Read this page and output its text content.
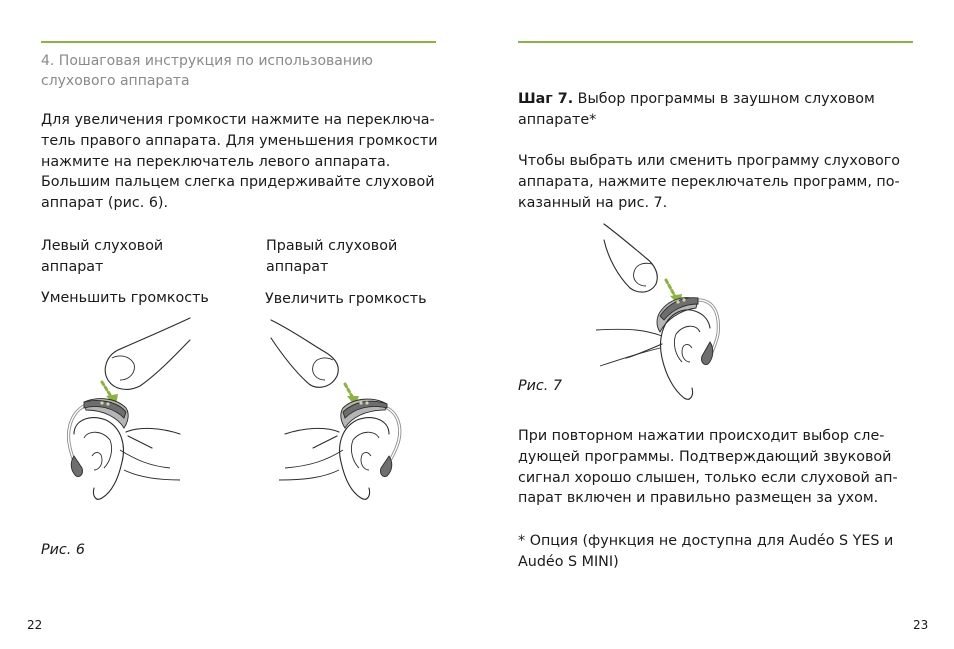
4. Пошаговая инструкция по использованию
слуховогo аппарата
Для увеличения громкости нажмите на переключа-
тель правого аппарата. Для уменьшения громкости
нажмите на переключатель левого аппарата.
Большим пальцем слегка придерживайте слуховой
аппарат (рис. 6).
Левый слуховой
аппарат
Правый слуховой
аппарат
Уменьшить громкость	Увеличить громкость
Рис. 6
22
Шаг 7. Выбор программы в заушном слуховом
аппарате*
Чтобы выбрать или сменить программу слухового
аппарата, нажмите переключатель программ, по-
казанный на рис. 7.
Рис. 7
При повторном нажатии происходит выбор сле-
дующей программы. Подтверждающий звуковой
сигнал хорошо слышен, только если слуховой ап-
парат включен и правильно размещен за ухом.
* Опция (функция не доступна для Audéo S YES и
Audéo S MINI)
23
